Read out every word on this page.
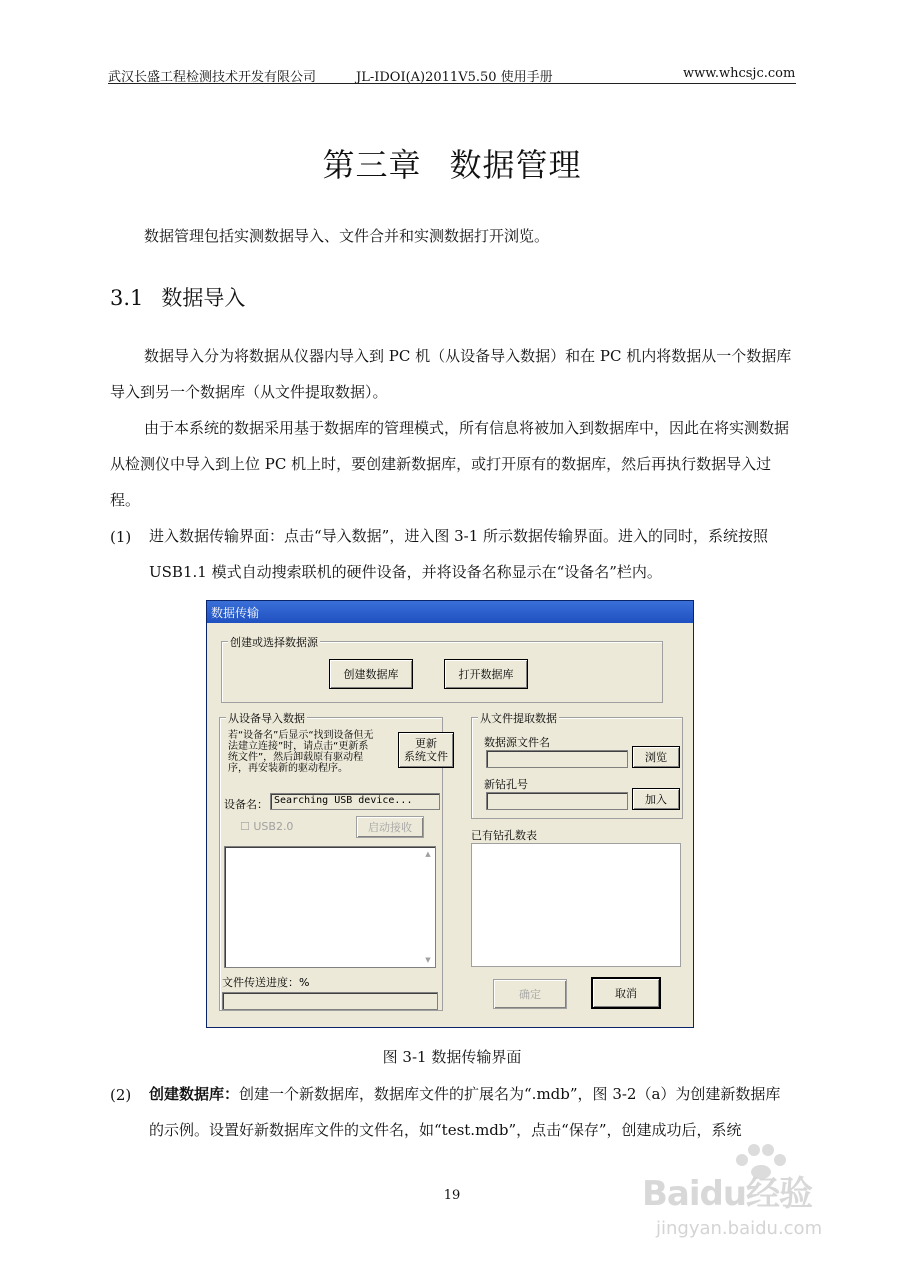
武汉长盛工程检测技术开发有限公司	JL-IDOI(A)2011V5.50 使用手册	www.whcsjc.com
第三章 数据管理
数据管理包括实测数据导入、文件合并和实测数据打开浏览。
3.1 数据导入
数据导入分为将数据从仪器内导入到 PC 机（从设备导入数据）和在 PC 机内将数据从一个数据库导入到另一个数据库（从文件提取数据）。
由于本系统的数据采用基于数据库的管理模式，所有信息将被加入到数据库中，因此在将实测数据从检测仪中导入到上位 PC 机上时，要创建新数据库，或打开原有的数据库，然后再执行数据导入过程。
(1) 进入数据传输界面：点击“导入数据”，进入图 3-1 所示数据传输界面。进入的同时，系统按照 USB1.1 模式自动搜索联机的硬件设备，并将设备名称显示在“设备名”栏内。
数据传输
创建或选择数据源
创建数据库	打开数据库
从设备导入数据
若“设备名”后显示“找到设备但无法建立连接”时，请点击“更新系统文件”，然后卸载原有驱动程序，再安装新的驱动程序。
更新
系统文件
设备名： Searching USB device...
☐ USB2.0	启动接收
▲
▼
文件传送进度：%
从文件提取数据
数据源文件名
浏览
新钻孔号
加入
已有钻孔数表
确定	取消
图 3-1 数据传输界面
(2) 创建数据库：创建一个新数据库，数据库文件的扩展名为“.mdb”，图 3-2（a）为创建新数据库的示例。设置好新数据库文件的文件名，如“test.mdb”，点击“保存”，创建成功后，系统
19	Baidu经验
jingyan.baidu.com
